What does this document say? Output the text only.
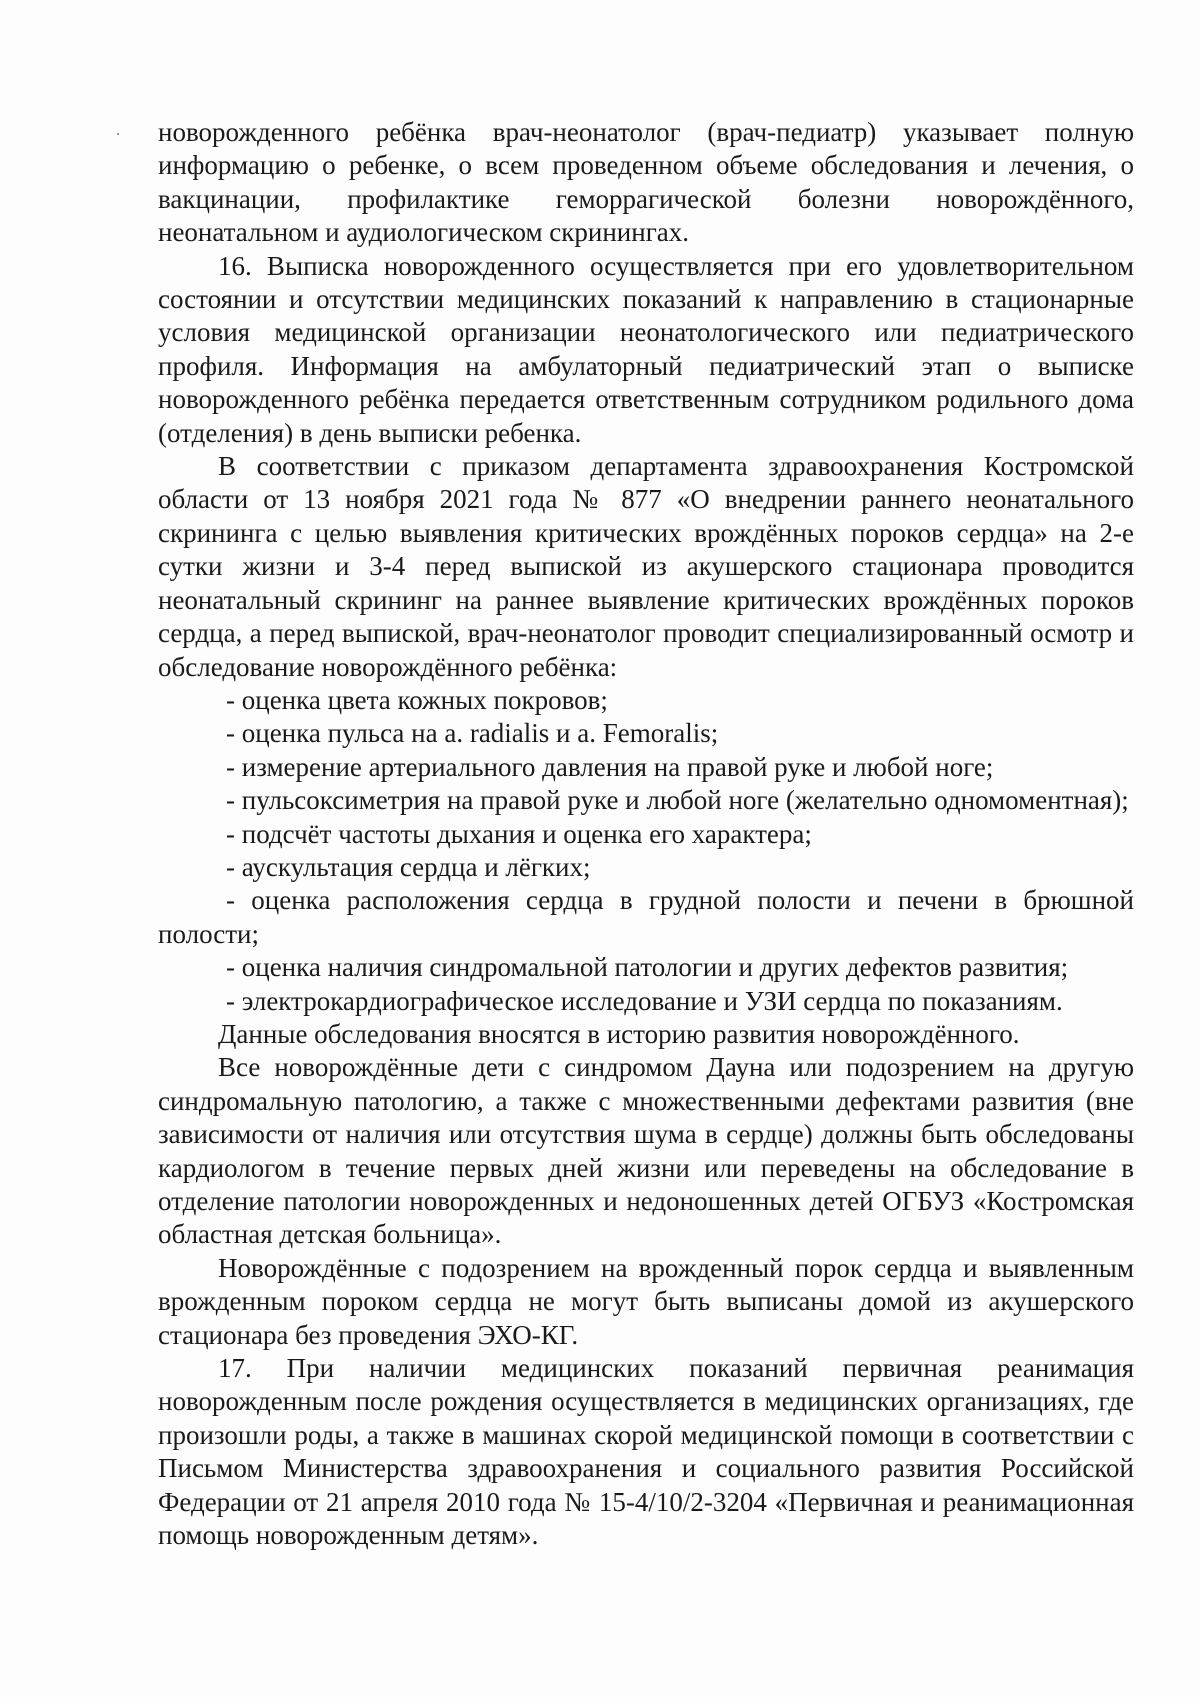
новорожденного ребёнка врач-неонатолог (врач-педиатр) указывает полную информацию о ребенке, о всем проведенном объеме обследования и лечения, о вакцинации, профилактике геморрагической болезни новорождённого, неонатальном и аудиологическом скринингах.

16. Выписка новорожденного осуществляется при его удовлетворительном состоянии и отсутствии медицинских показаний к направлению в стационарные условия медицинской организации неонатологического или педиатрического профиля. Информация на амбулаторный педиатрический этап о выписке новорожденного ребёнка передается ответственным сотрудником родильного дома (отделения) в день выписки ребенка.

В соответствии с приказом департамента здравоохранения Костромской области от 13 ноября 2021 года № 877 «О внедрении раннего неонатального скрининга с целью выявления критических врождённых пороков сердца» на 2-е сутки жизни и 3-4 перед выпиской из акушерского стационара проводится неонатальный скрининг на раннее выявление критических врождённых пороков сердца, а перед выпиской, врач-неонатолог проводит специализированный осмотр и обследование новорождённого ребёнка:

- оценка цвета кожных покровов;

- оценка пульса на a. radialis и a. Femoralis;

- измерение артериального давления на правой руке и любой ноге;

- пульсоксиметрия на правой руке и любой ноге (желательно одномоментная);

- подсчёт частоты дыхания и оценка его характера;

- аускультация сердца и лёгких;

- оценка расположения сердца в грудной полости и печени в брюшной полости;

- оценка наличия синдромальной патологии и других дефектов развития;

- электрокардиографическое исследование и УЗИ сердца по показаниям.

Данные обследования вносятся в историю развития новорождённого.

Все новорождённые дети с синдромом Дауна или подозрением на другую синдромальную патологию, а также с множественными дефектами развития (вне зависимости от наличия или отсутствия шума в сердце) должны быть обследованы кардиологом в течение первых дней жизни или переведены на обследование в отделение патологии новорожденных и недоношенных детей ОГБУЗ «Костромская областная детская больница».

Новорождённые с подозрением на врожденный порок сердца и выявленным врожденным пороком сердца не могут быть выписаны домой из акушерского стационара без проведения ЭХО-КГ.

17. При наличии медицинских показаний первичная реанимация новорожденным после рождения осуществляется в медицинских организациях, где произошли роды, а также в машинах скорой медицинской помощи в соответствии с Письмом Министерства здравоохранения и социального развития Российской Федерации от 21 апреля 2010 года № 15-4/10/2-3204 «Первичная и реанимационная помощь новорожденным детям».
